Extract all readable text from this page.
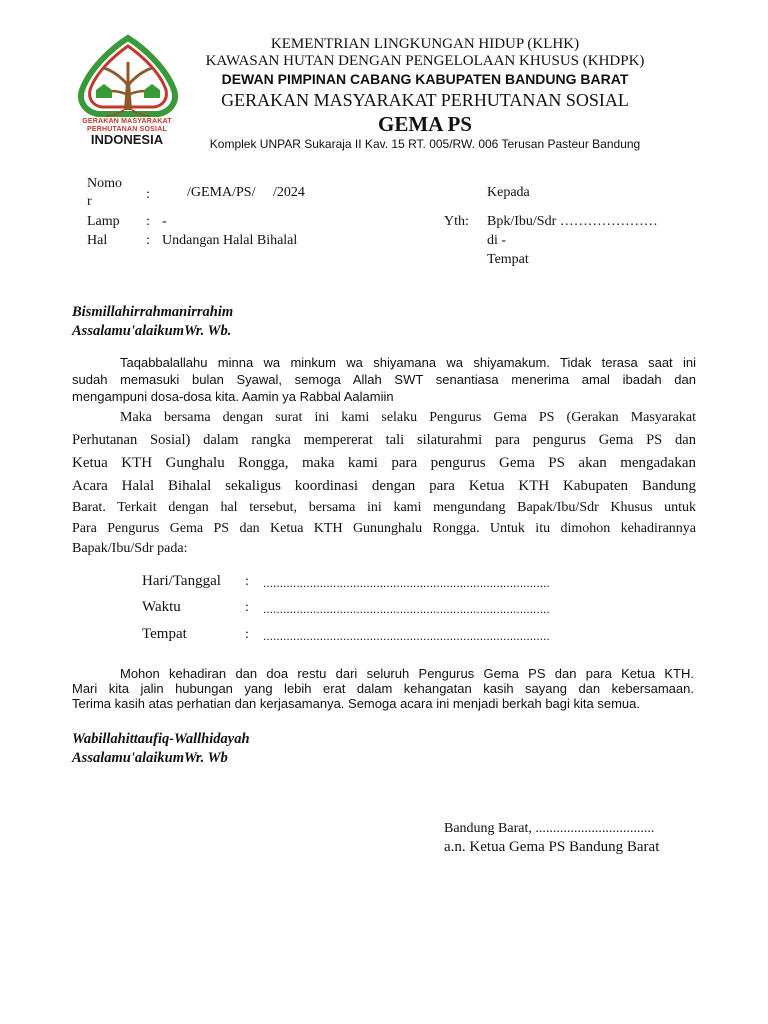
GERAKAN MASYARAKAT
PERHUTANAN SOSIAL
INDONESIA
KEMENTRIAN LINGKUNGAN HIDUP (KLHK)
KAWASAN HUTAN DENGAN PENGELOLAAN KHUSUS (KHDPK)
DEWAN PIMPINAN CABANG KABUPATEN BANDUNG BARAT
GERAKAN MASYARAKAT PERHUTANAN SOSIAL
GEMA PS
Komplek UNPAR Sukaraja II Kav. 15 RT. 005/RW. 006 Terusan Pasteur Bandung
Nomo
r	:	/GEMA/PS/     /2024
Lamp : -
Hal	: Undangan Halal Bihalal
Kepada
Yth: Bpk/Ibu/Sdr …………………
di -
Tempat
Bismillahirrahmanirrahim
Assalamu'alaikumWr. Wb.
Taqabbalallahu minna wa minkum wa shiyamana wa shiyamakum. Tidak terasa saat ini
sudah memasuki bulan Syawal, semoga Allah SWT senantiasa menerima amal ibadah dan
mengampuni dosa-dosa kita. Aamin ya Rabbal Aalamiin
Maka bersama dengan surat ini kami selaku Pengurus Gema PS (Gerakan Masyarakat
Perhutanan Sosial) dalam rangka mempererat tali silaturahmi para pengurus Gema PS dan
Ketua KTH Gunghalu Rongga, maka kami para pengurus Gema PS akan mengadakan
Acara Halal Bihalal sekaligus koordinasi dengan para Ketua KTH Kabupaten Bandung
Barat. Terkait dengan hal tersebut, bersama ini kami mengundang Bapak/Ibu/Sdr Khusus untuk
Para Pengurus Gema PS dan Ketua KTH Gununghalu Rongga. Untuk itu dimohon kehadirannya
Bapak/Ibu/Sdr pada:
Hari/Tanggal : ......................................................................................
Waktu	: ......................................................................................
Tempat	: ......................................................................................
Mohon kehadiran dan doa restu dari seluruh Pengurus Gema PS dan para Ketua KTH.
Mari kita jalin hubungan yang lebih erat dalam kehangatan kasih sayang dan kebersamaan.
Terima kasih atas perhatian dan kerjasamanya. Semoga acara ini menjadi berkah bagi kita semua.
Wabillahittaufiq-Wallhidayah
Assalamu'alaikumWr. Wb
Bandung Barat, ..................................
a.n. Ketua Gema PS Bandung Barat
